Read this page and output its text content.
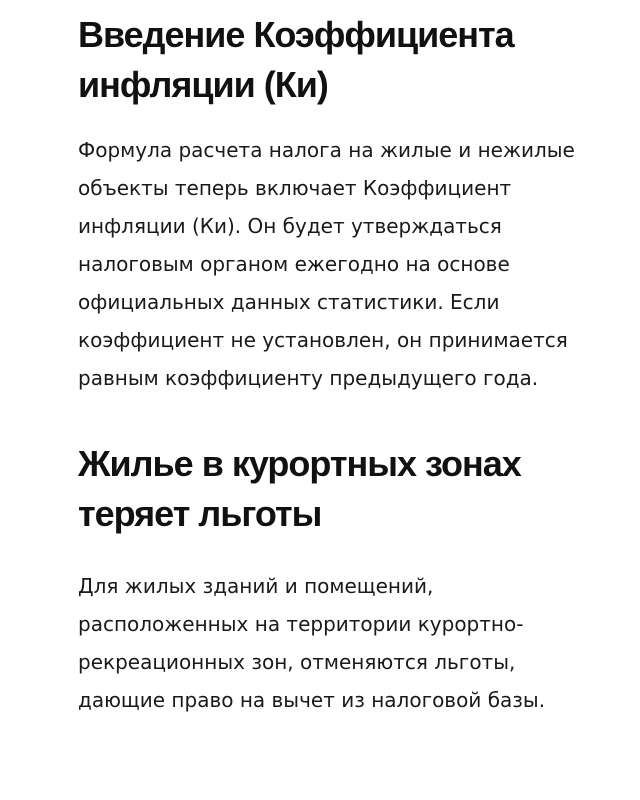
Введение Коэффициента инфляции (Ки)

Формула расчета налога на жилые и нежилые объекты теперь включает Коэффициент инфляции (Ки). Он будет утверждаться налоговым органом ежегодно на основе официальных данных статистики. Если коэффициент не установлен, он принимается равным коэффициенту предыдущего года.

Жилье в курортных зонах теряет льготы

Для жилых зданий и помещений, расположенных на территории курортно-рекреационных зон, отменяются льготы, дающие право на вычет из налоговой базы.
